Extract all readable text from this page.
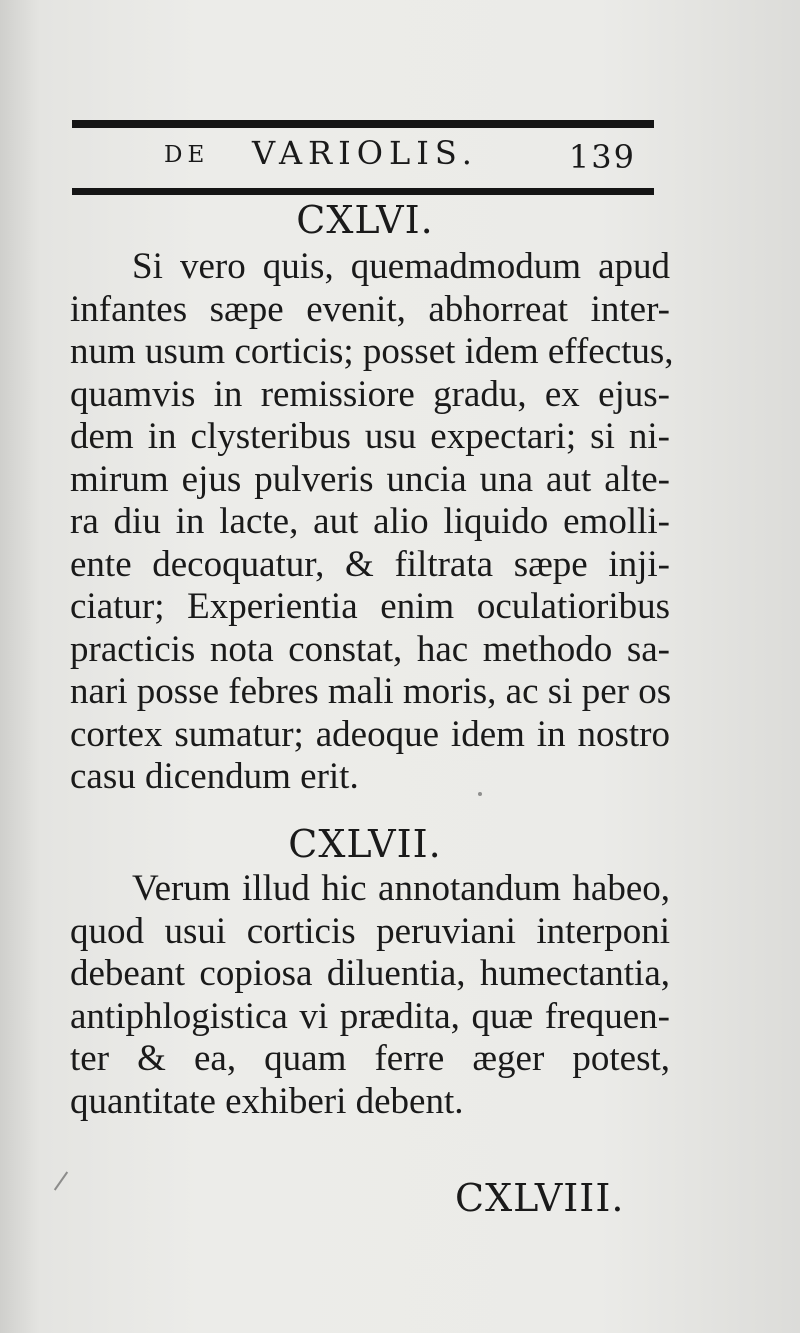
DE VARIOLIS.	139
CXLVI.
Si vero quis, quemadmodum apud
infantes sæpe evenit, abhorreat inter-
num usum corticis; posset idem effectus,
quamvis in remissiore gradu, ex ejus-
dem in clysteribus usu expectari; si ni-
mirum ejus pulveris uncia una aut alte-
ra diu in lacte, aut alio liquido emolli-
ente decoquatur, & filtrata sæpe inji-
ciatur; Experientia enim oculatioribus
practicis nota constat, hac methodo sa-
nari posse febres mali moris, ac si per os
cortex sumatur; adeoque idem in nostro
casu dicendum erit.
CXLVII.
Verum illud hic annotandum habeo,
quod usui corticis peruviani interponi
debeant copiosa diluentia, humectantia,
antiphlogistica vi prædita, quæ frequen-
ter & ea, quam ferre æger potest,
quantitate exhiberi debent.
CXLVIII.
